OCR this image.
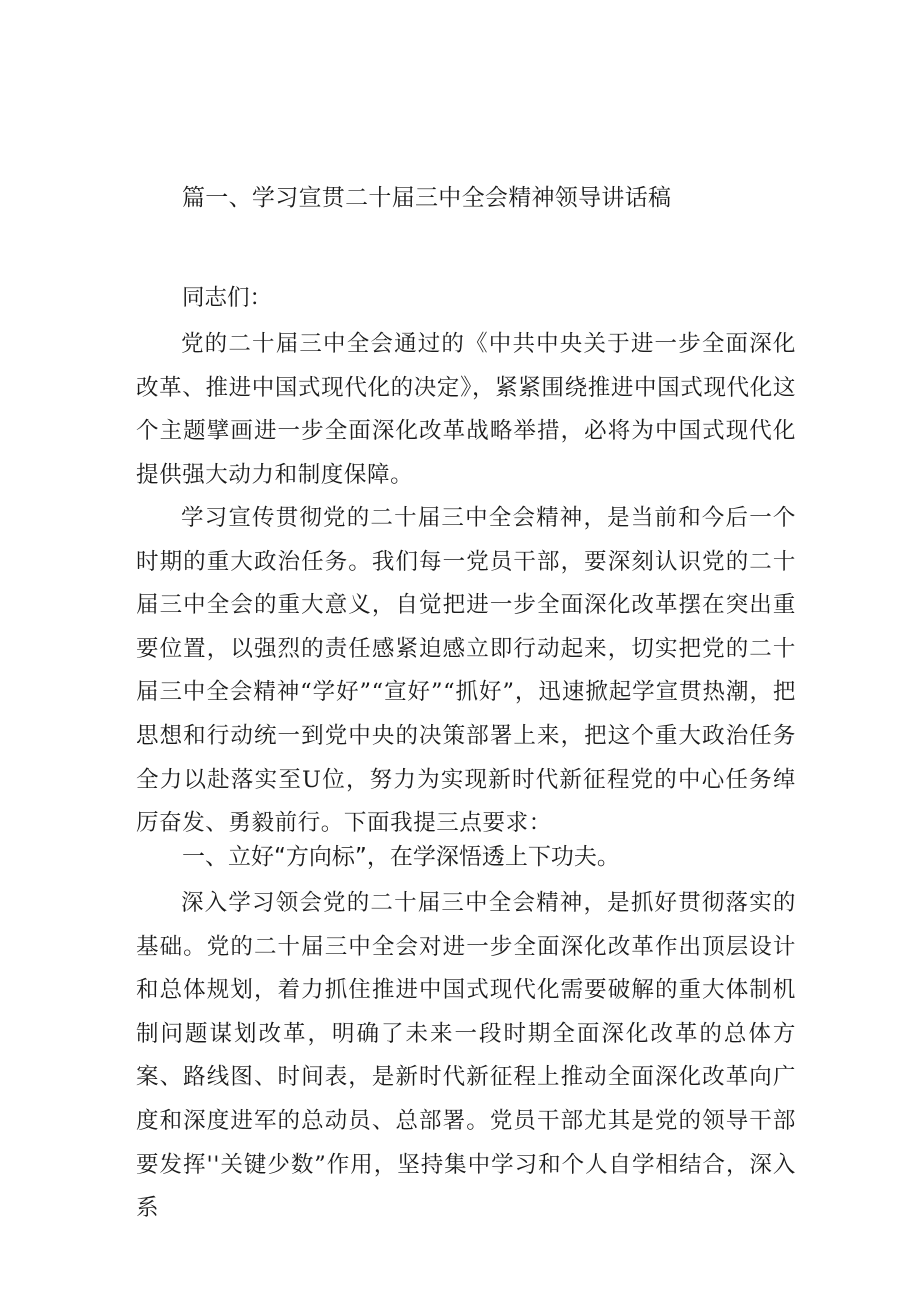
篇一、学习宣贯二十届三中全会精神领导讲话稿

同志们：

党的二十届三中全会通过的《中共中央关于进一步全面深化改革、推进中国式现代化的决定》，紧紧围绕推进中国式现代化这个主题擘画进一步全面深化改革战略举措，必将为中国式现代化提供强大动力和制度保障。

学习宣传贯彻党的二十届三中全会精神，是当前和今后一个时期的重大政治任务。我们每一党员干部，要深刻认识党的二十届三中全会的重大意义，自觉把进一步全面深化改革摆在突出重要位置，以强烈的责任感紧迫感立即行动起来，切实把党的二十届三中全会精神“学好”“宣好”“抓好”，迅速掀起学宣贯热潮，把思想和行动统一到党中央的决策部署上来，把这个重大政治任务全力以赴落实至U位，努力为实现新时代新征程党的中心任务绰厉奋发、勇毅前行。下面我提三点要求：

一、立好“方向标”，在学深悟透上下功夫。

深入学习领会党的二十届三中全会精神，是抓好贯彻落实的基础。党的二十届三中全会对进一步全面深化改革作出顶层设计和总体规划，着力抓住推进中国式现代化需要破解的重大体制机制问题谋划改革，明确了未来一段时期全面深化改革的总体方案、路线图、时间表，是新时代新征程上推动全面深化改革向广度和深度进军的总动员、总部署。党员干部尤其是党的领导干部要发挥''关键少数”作用，坚持集中学习和个人自学相结合，深入系
